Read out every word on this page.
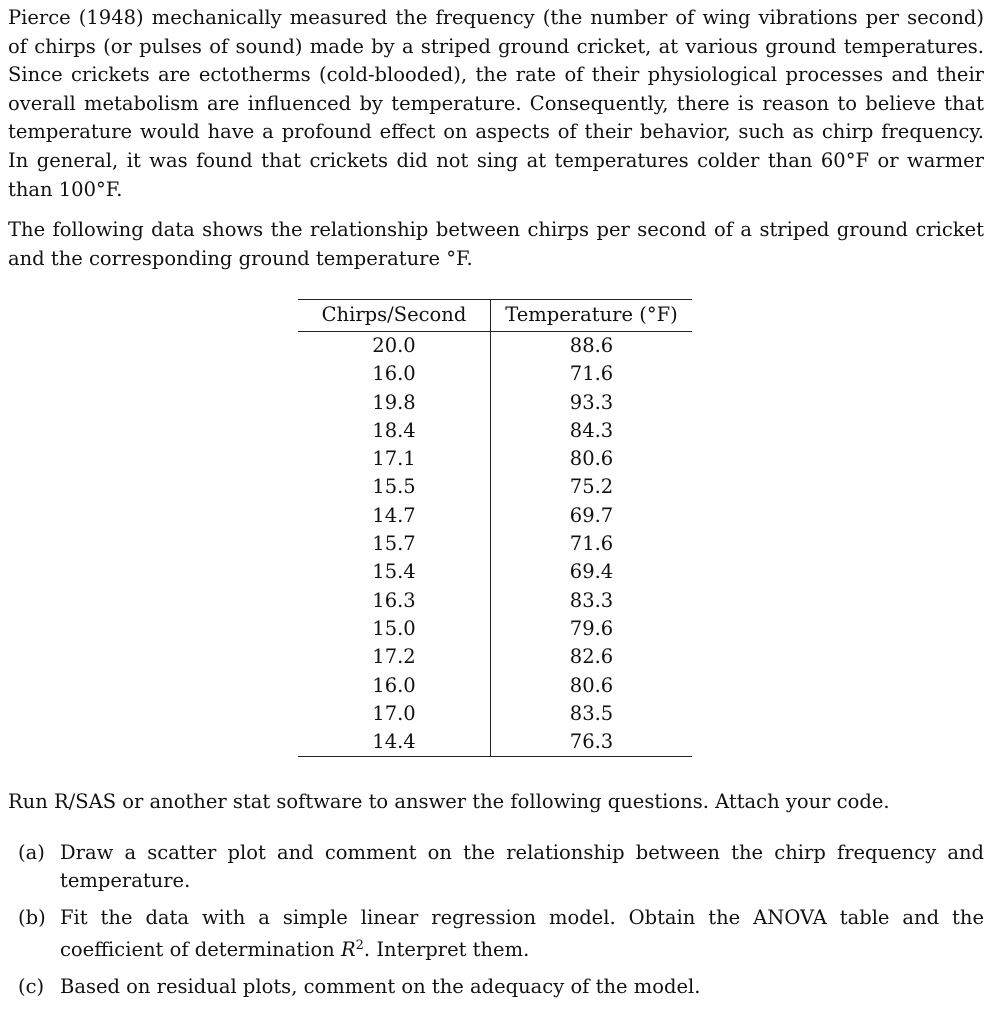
Pierce (1948) mechanically measured the frequency (the number of wing vibrations per second) of chirps (or pulses of sound) made by a striped ground cricket, at various ground temperatures. Since crickets are ectotherms (cold-blooded), the rate of their physiological processes and their overall metabolism are influenced by temperature. Consequently, there is reason to believe that temperature would have a profound effect on aspects of their behavior, such as chirp frequency. In general, it was found that crickets did not sing at temperatures colder than 60°F or warmer than 100°F.

The following data shows the relationship between chirps per second of a striped ground cricket and the corresponding ground temperature °F.

Chirps/Second	Temperature (°F)
20.0	88.6
16.0	71.6
19.8	93.3
18.4	84.3
17.1	80.6
15.5	75.2
14.7	69.7
15.7	71.6
15.4	69.4
16.3	83.3
15.0	79.6
17.2	82.6
16.0	80.6
17.0	83.5
14.4	76.3

Run R/SAS or another stat software to answer the following questions. Attach your code.

(a) Draw a scatter plot and comment on the relationship between the chirp frequency and temperature.
(b) Fit the data with a simple linear regression model. Obtain the ANOVA table and the coefficient of determination $R^2$. Interpret them.
(c) Based on residual plots, comment on the adequacy of the model.
